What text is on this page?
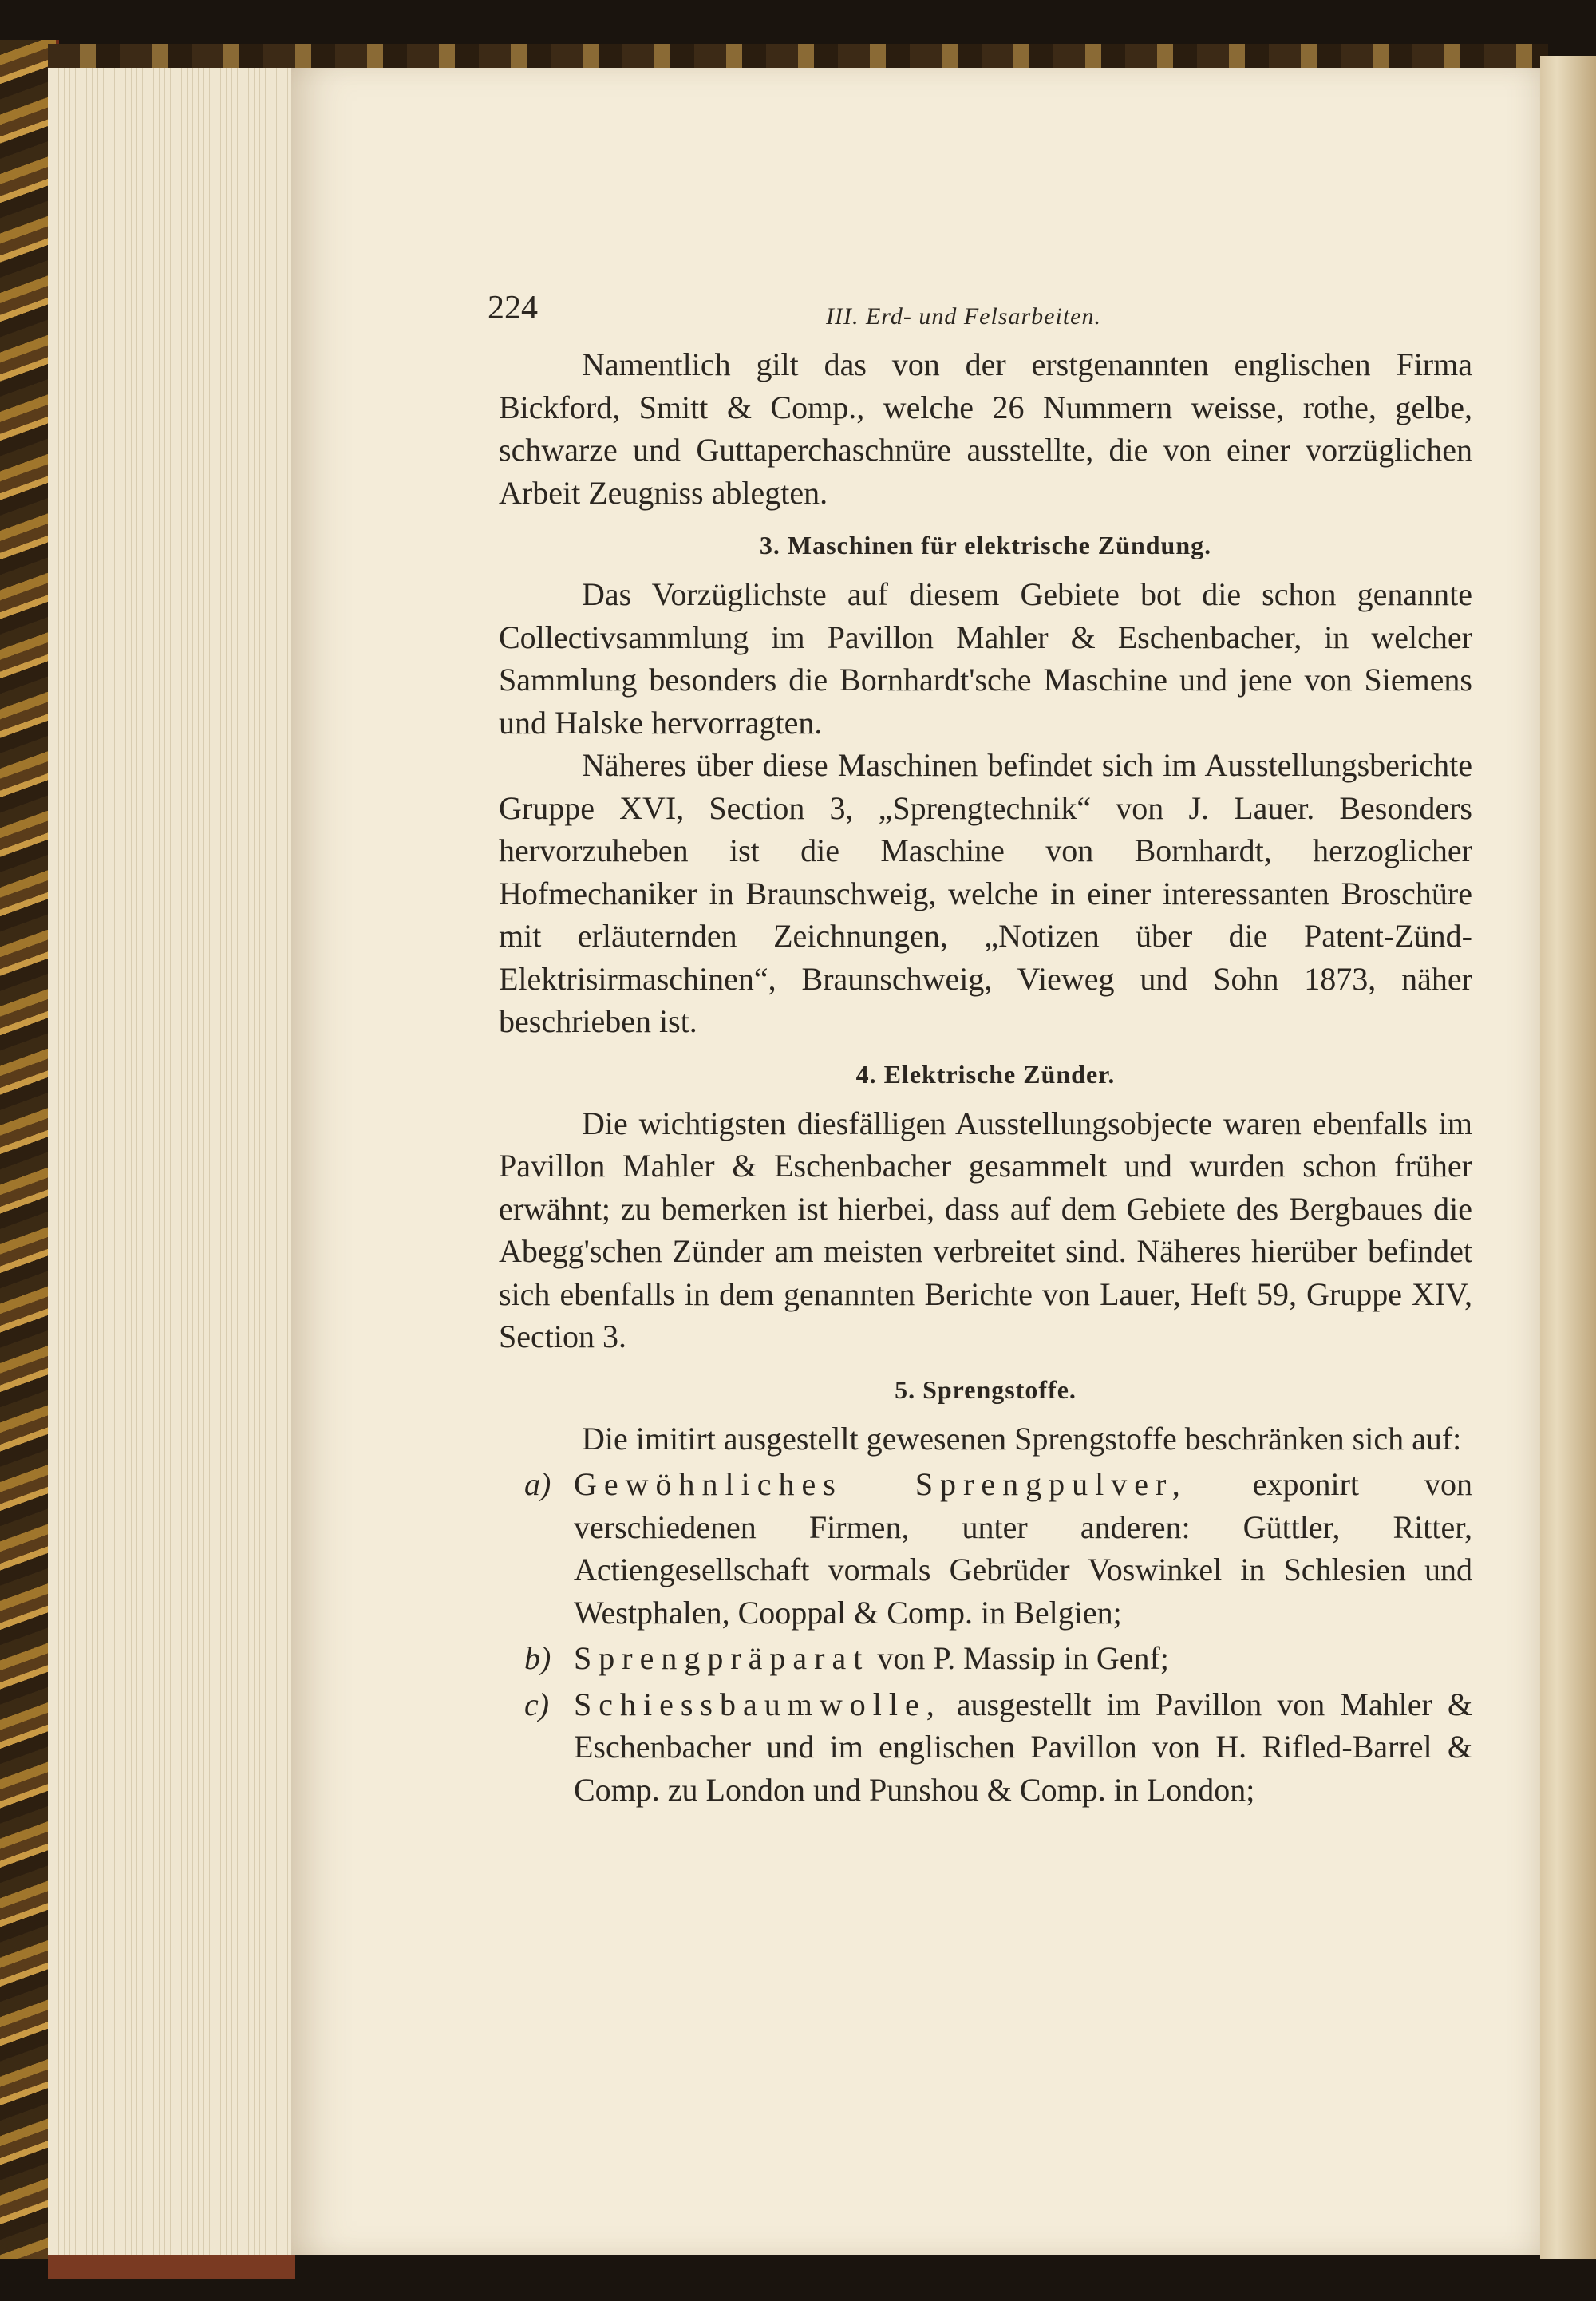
224	III. Erd- und Felsarbeiten.

Namentlich gilt das von der erstgenannten englischen Firma Bickford, Smitt & Comp., welche 26 Nummern weisse, rothe, gelbe, schwarze und Guttaperchaschnüre ausstellte, die von einer vorzüglichen Arbeit Zeugniss ablegten.

3. Maschinen für elektrische Zündung.

Das Vorzüglichste auf diesem Gebiete bot die schon genannte Collectivsammlung im Pavillon Mahler & Eschenbacher, in welcher Sammlung besonders die Bornhardt'sche Maschine und jene von Siemens und Halske hervorragten.

Näheres über diese Maschinen befindet sich im Ausstellungsberichte Gruppe XVI, Section 3, „Sprengtechnik“ von J. Lauer. Besonders hervorzuheben ist die Maschine von Bornhardt, herzoglicher Hofmechaniker in Braunschweig, welche in einer interessanten Broschüre mit erläuternden Zeichnungen, „Notizen über die Patent-Zünd-Elektrisirmaschinen“, Braunschweig, Vieweg und Sohn 1873, näher beschrieben ist.

4. Elektrische Zünder.

Die wichtigsten diesfälligen Ausstellungsobjecte waren ebenfalls im Pavillon Mahler & Eschenbacher gesammelt und wurden schon früher erwähnt; zu bemerken ist hierbei, dass auf dem Gebiete des Bergbaues die Abegg'schen Zünder am meisten verbreitet sind. Näheres hierüber befindet sich ebenfalls in dem genannten Berichte von Lauer, Heft 59, Gruppe XIV, Section 3.

5. Sprengstoffe.

Die imitirt ausgestellt gewesenen Sprengstoffe beschränken sich auf:

a) Gewöhnliches Sprengpulver, exponirt von verschiedenen Firmen, unter anderen: Güttler, Ritter, Actiengesellschaft vormals Gebrüder Voswinkel in Schlesien und Westphalen, Cooppal & Comp. in Belgien;
b) Sprengpräparat von P. Massip in Genf;
c) Schiessbaumwolle, ausgestellt im Pavillon von Mahler & Eschenbacher und im englischen Pavillon von H. Rifled-Barrel & Comp. zu London und Punshou & Comp. in London;
